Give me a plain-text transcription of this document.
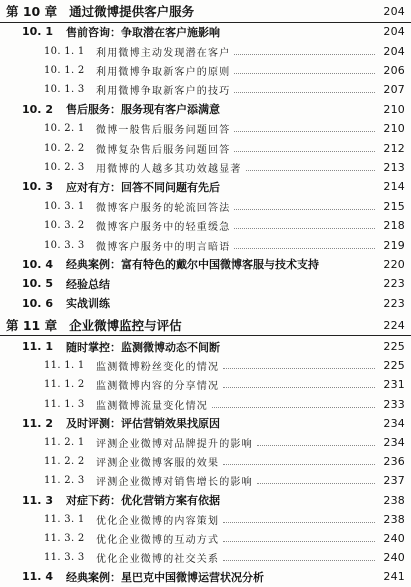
第 10 章 通过微博提供客户服务	204
10. 1	售前咨询：争取潜在客户施影响	204
10. 1. 1	利用微博主动发现潜在客户	204
10. 1. 2	利用微博争取新客户的原则	206
10. 1. 3	利用微博争取新客户的技巧	207
10. 2	售后服务：服务现有客户添满意	210
10. 2. 1	微博一般售后服务问题回答	210
10. 2. 2	微博复杂售后服务问题回答	212
10. 2. 3	用微博的人越多其功效越显著	213
10. 3	应对有方：回答不同问题有先后	214
10. 3. 1	微博客户服务的轮流回答法	215
10. 3. 2	微博客户服务中的轻重缓急	218
10. 3. 3	微博客户服务中的明言暗语	219
10. 4	经典案例：富有特色的戴尔中国微博客服与技术支持	220
10. 5	经验总结	223
10. 6	实战训练	223
第 11 章 企业微博监控与评估	224
11. 1	随时掌控：监测微博动态不间断	225
11. 1. 1	监测微博粉丝变化的情况	225
11. 1. 2	监测微博内容的分享情况	231
11. 1. 3	监测微博流量变化情况	233
11. 2	及时评测：评估营销效果找原因	234
11. 2. 1	评测企业微博对品牌提升的影响	234
11. 2. 2	评测企业微博客服的效果	236
11. 2. 3	评测企业微博对销售增长的影响	237
11. 3	对症下药：优化营销方案有依据	238
11. 3. 1	优化企业微博的内容策划	238
11. 3. 2	优化企业微博的互动方式	240
11. 3. 3	优化企业微博的社交关系	240
11. 4	经典案例：星巴克中国微博运营状况分析	241
